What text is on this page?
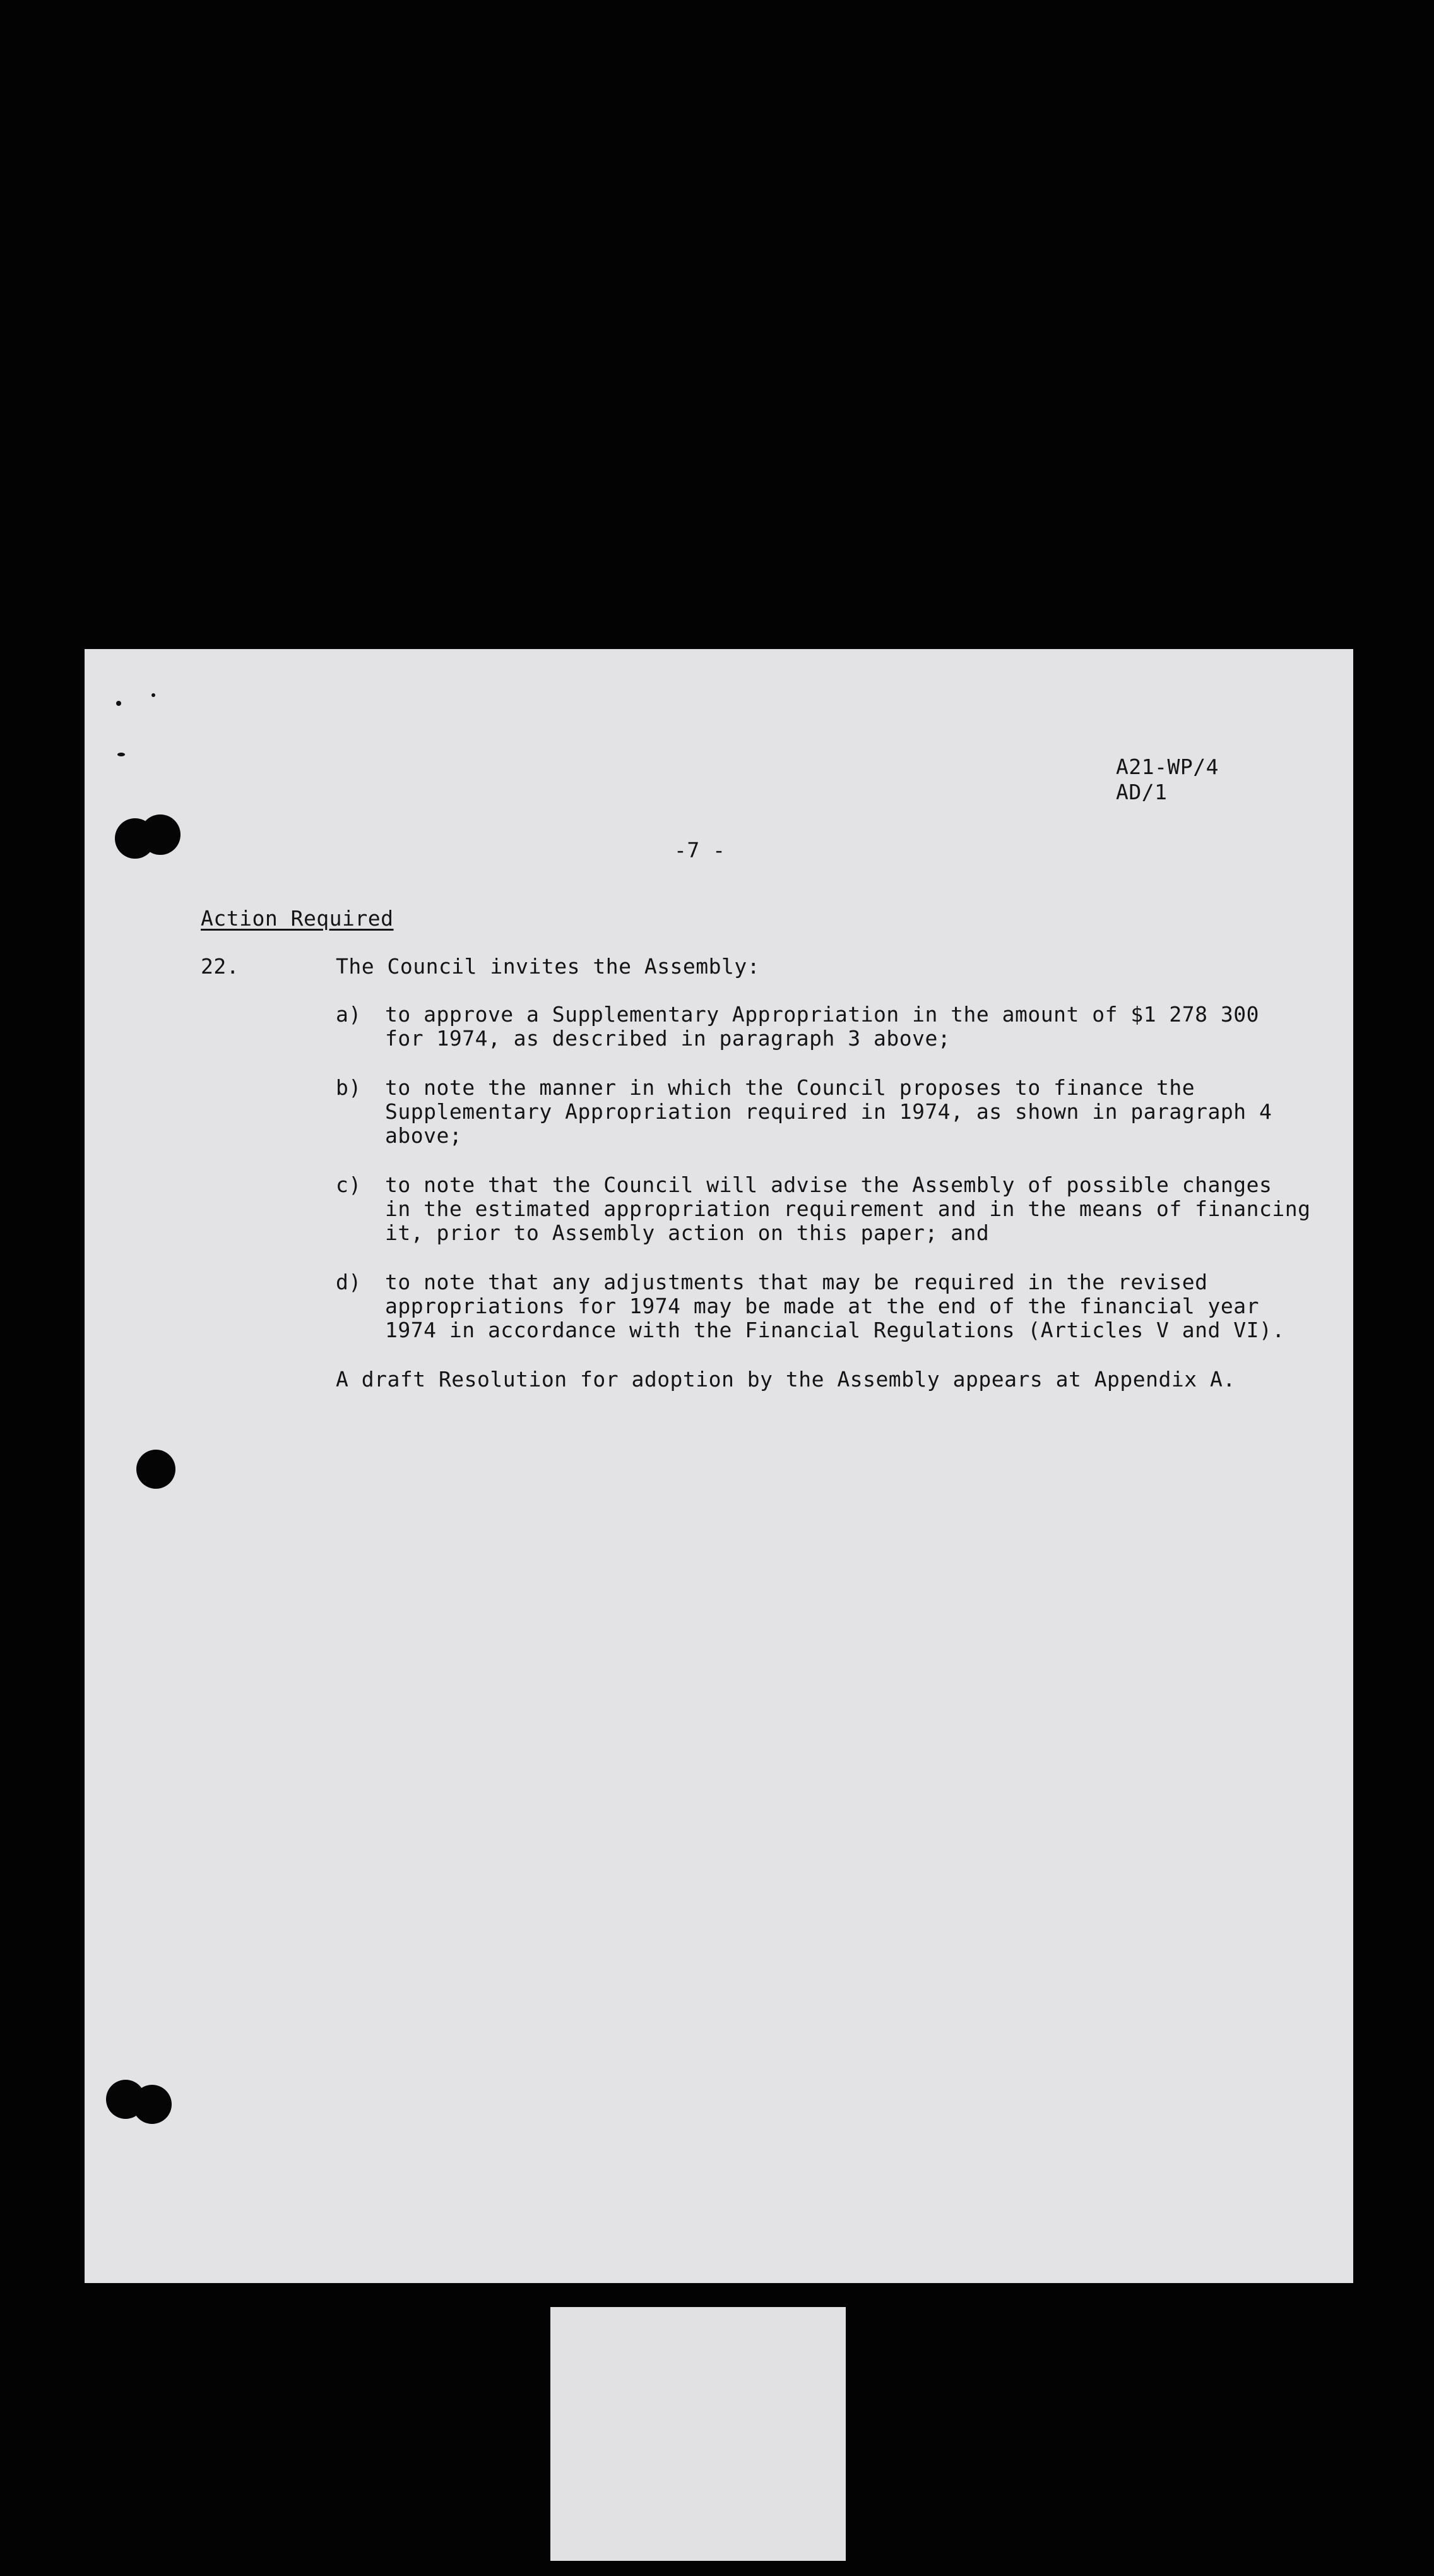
A21-WP/4
AD/1
-7 -
Action Required
22.	The Council invites the Assembly:
a) to approve a Supplementary Appropriation in the amount of $1 278 300
for 1974, as described in paragraph 3 above;
b) to note the manner in which the Council proposes to finance the
Supplementary Appropriation required in 1974, as shown in paragraph 4
above;
c) to note that the Council will advise the Assembly of possible changes
in the estimated appropriation requirement and in the means of financing
it, prior to Assembly action on this paper; and
d) to note that any adjustments that may be required in the revised
appropriations for 1974 may be made at the end of the financial year
1974 in accordance with the Financial Regulations (Articles V and VI).
A draft Resolution for adoption by the Assembly appears at Appendix A.
